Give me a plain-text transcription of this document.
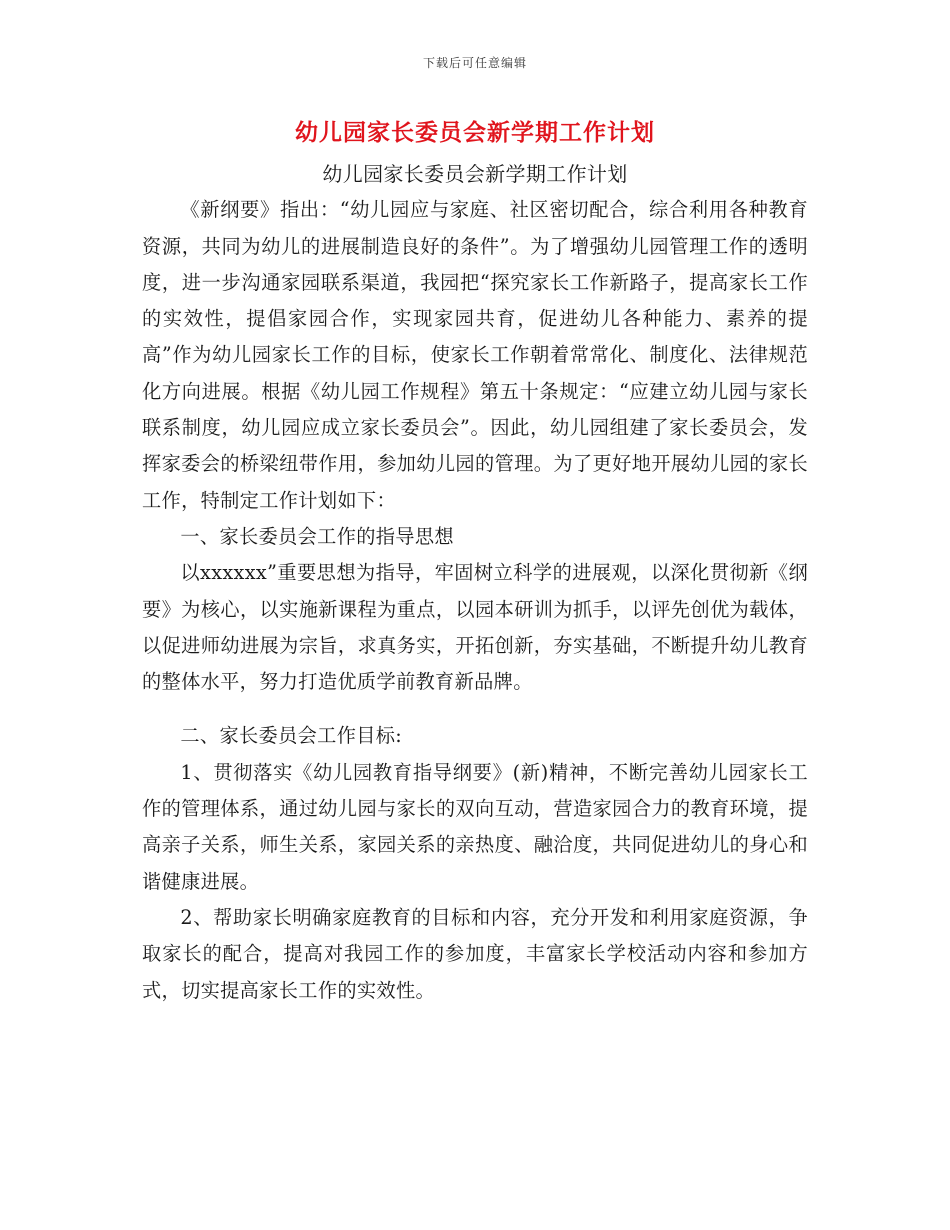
下载后可任意编辑
幼儿园家长委员会新学期工作计划

幼儿园家长委员会新学期工作计划

《新纲要》指出：“幼儿园应与家庭、社区密切配合，综合利用各种教育资源，共同为幼儿的进展制造良好的条件”。为了增强幼儿园管理工作的透明度，进一步沟通家园联系渠道，我园把“探究家长工作新路子，提高家长工作的实效性，提倡家园合作，实现家园共育，促进幼儿各种能力、素养的提高”作为幼儿园家长工作的目标，使家长工作朝着常常化、制度化、法律规范化方向进展。根据《幼儿园工作规程》第五十条规定：“应建立幼儿园与家长联系制度，幼儿园应成立家长委员会”。因此，幼儿园组建了家长委员会，发挥家委会的桥梁纽带作用，参加幼儿园的管理。为了更好地开展幼儿园的家长工作，特制定工作计划如下：

一、家长委员会工作的指导思想

以xxxxxx”重要思想为指导，牢固树立科学的进展观，以深化贯彻新《纲要》为核心，以实施新课程为重点，以园本研训为抓手，以评先创优为载体，以促进师幼进展为宗旨，求真务实，开拓创新，夯实基础，不断提升幼儿教育的整体水平，努力打造优质学前教育新品牌。

二、家长委员会工作目标:

1、贯彻落实《幼儿园教育指导纲要》(新)精神，不断完善幼儿园家长工作的管理体系，通过幼儿园与家长的双向互动，营造家园合力的教育环境，提高亲子关系，师生关系，家园关系的亲热度、融洽度，共同促进幼儿的身心和谐健康进展。

2、帮助家长明确家庭教育的目标和内容，充分开发和利用家庭资源，争取家长的配合，提高对我园工作的参加度，丰富家长学校活动内容和参加方式，切实提高家长工作的实效性。
